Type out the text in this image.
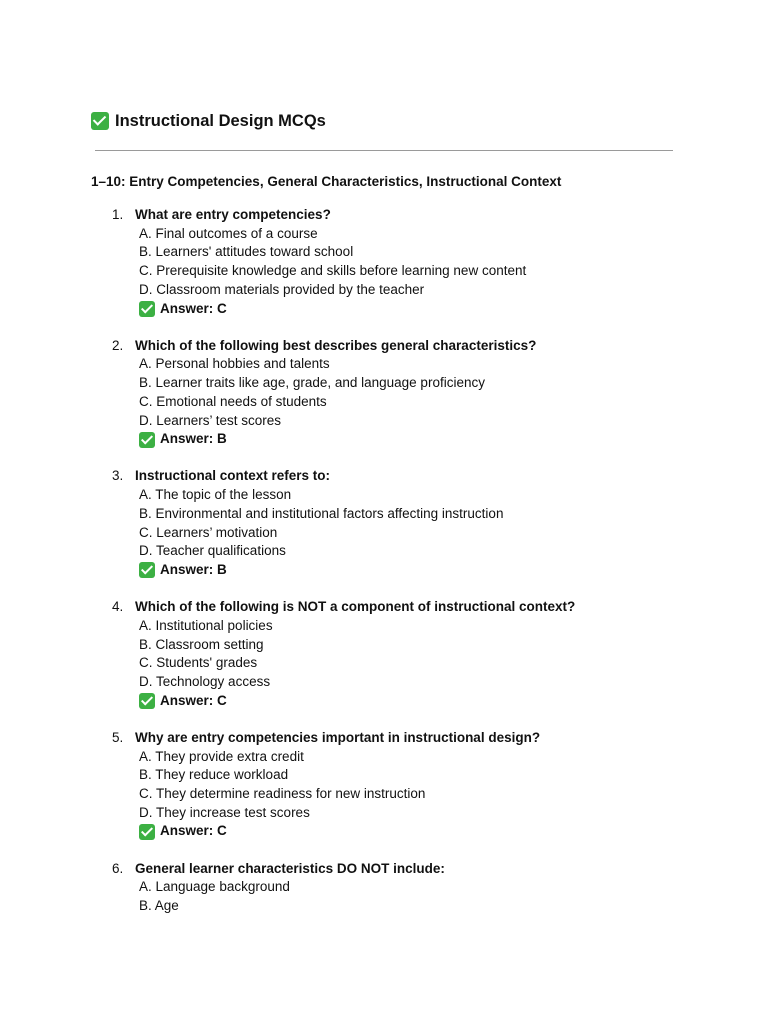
Instructional Design MCQs
1–10: Entry Competencies, General Characteristics, Instructional Context
1. What are entry competencies?
A. Final outcomes of a course
B. Learners' attitudes toward school
C. Prerequisite knowledge and skills before learning new content
D. Classroom materials provided by the teacher
Answer: C
2. Which of the following best describes general characteristics?
A. Personal hobbies and talents
B. Learner traits like age, grade, and language proficiency
C. Emotional needs of students
D. Learners’ test scores
Answer: B
3. Instructional context refers to:
A. The topic of the lesson
B. Environmental and institutional factors affecting instruction
C. Learners’ motivation
D. Teacher qualifications
Answer: B
4. Which of the following is NOT a component of instructional context?
A. Institutional policies
B. Classroom setting
C. Students' grades
D. Technology access
Answer: C
5. Why are entry competencies important in instructional design?
A. They provide extra credit
B. They reduce workload
C. They determine readiness for new instruction
D. They increase test scores
Answer: C
6. General learner characteristics DO NOT include:
A. Language background
B. Age
